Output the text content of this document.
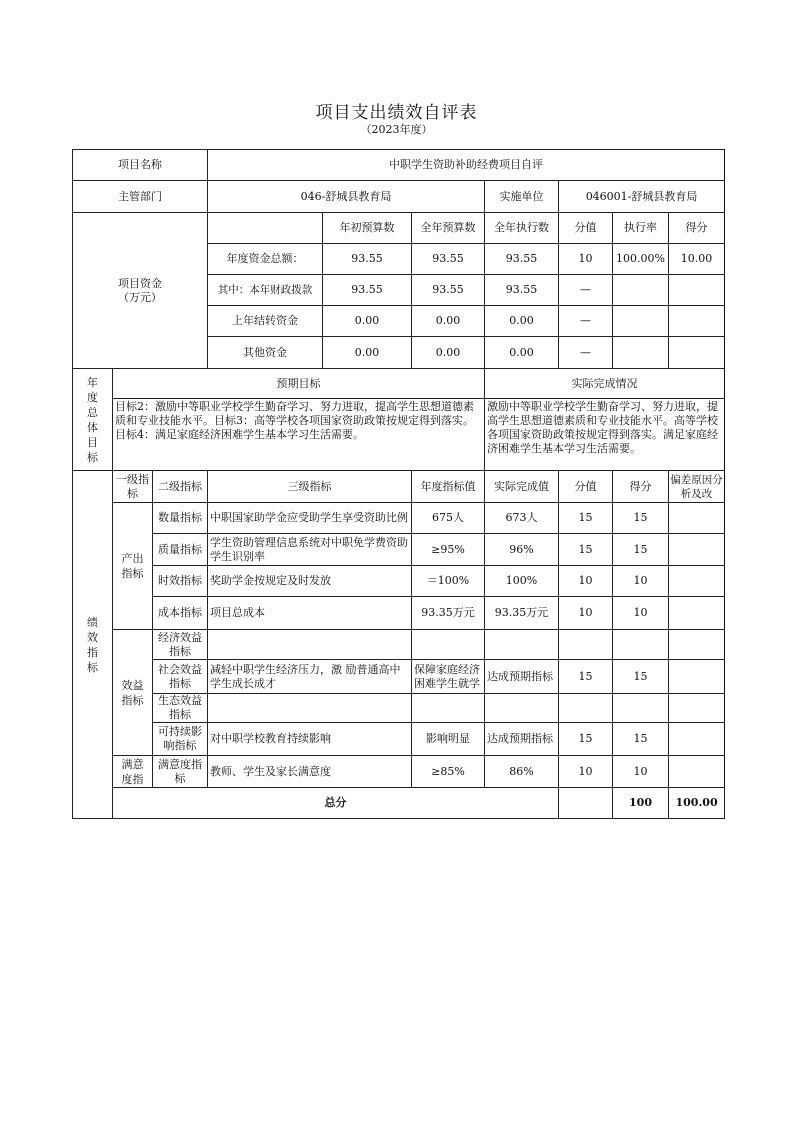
项目支出绩效自评表
（2023年度）
项目名称			中职学生资助补助经费项目自评							
主管部门			046-舒城县教育局			实施单位	046001-舒城县教育局			
项目资金
（万元）				年初预算数	全年预算数	全年执行数	分值	执行率	得分	
			年度资金总额：	93.55	93.55	93.55	10	100.00%	10.00	
			其中：本年财政拨款	93.55	93.55	93.55	—			
			上年结转资金	0.00	0.00	0.00	—			
			其他资金	0.00	0.00	0.00	—			

年度总体目标	预期目标					实际完成情况				
	目标2：激励中等职业学校学生勤奋学习、努力进取，提高学生思想道德素质和专业技能水平。目标3：高等学校各项国家资助政策按规定得到落实。目标4：满足家庭经济困难学生基本学习生活需要。					激励中等职业学校学生勤奋学习、努力进取，提高学生思想道德素质和专业技能水平。高等学校各项国家资助政策按规定得到落实。满足家庭经济困难学生基本学习生活需要。				

绩效指标	一级指标	二级指标	三级指标		年度指标值	实际完成值	分值	得分	偏差原因分析及改	

	产出指标	数量指标	中职国家助学金应受助学生享受资助比例		675人	673人	15	15		
		质量指标	学生资助管理信息系统对中职免学费资助学生识别率		≥95%	96%	15	15		
		时效指标	奖助学金按规定及时发放		＝100%	100%	10	10		
		成本指标	项目总成本		93.35万元	93.35万元	10	10		

	效益指标	经济效益指标								
		社会效益指标	减轻中职学生经济压力，激 励普通高中学生成长成才		保障家庭经济困难学生就学	达成预期指标	15	15		
		生态效益指标								
		可持续影响指标	对中职学校教育持续影响		影响明显	达成预期指标	15	15		

	满意度指	满意度指标	教师、学生及家长满意度		≥85%	86%	10	10		
	总分							100	100.00	
